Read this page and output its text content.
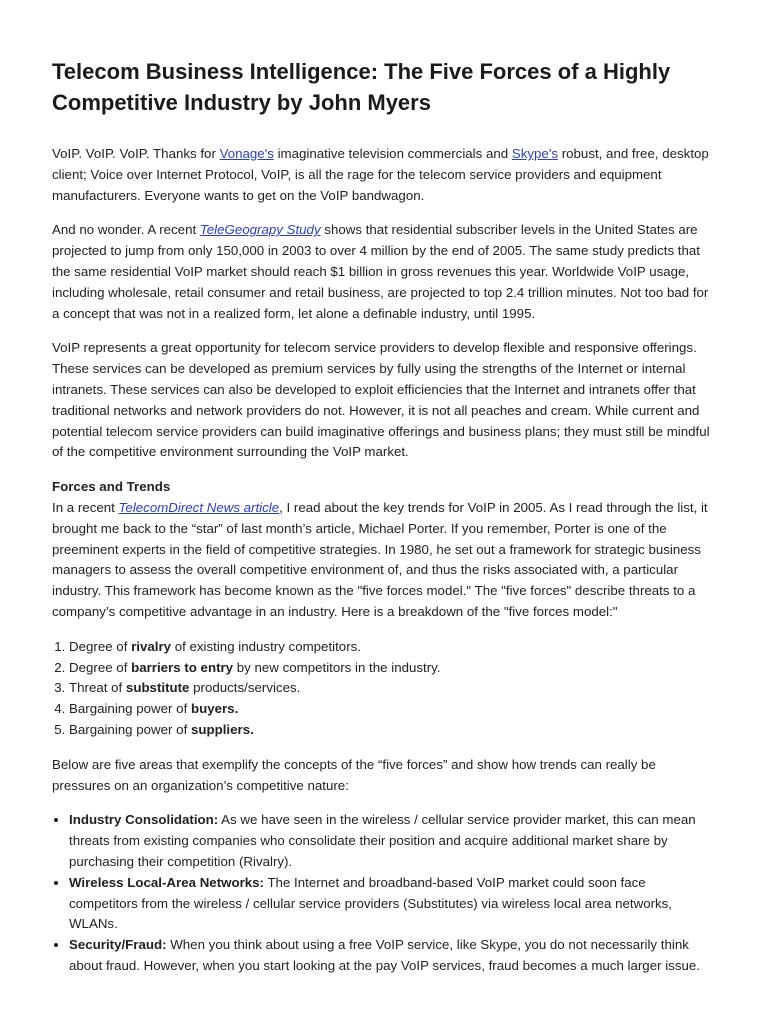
Telecom Business Intelligence: The Five Forces of a Highly Competitive Industry by John Myers

VoIP. VoIP. VoIP. Thanks for Vonage's imaginative television commercials and Skype's robust, and free, desktop client; Voice over Internet Protocol, VoIP, is all the rage for the telecom service providers and equipment manufacturers. Everyone wants to get on the VoIP bandwagon.

And no wonder. A recent TeleGeograpy Study shows that residential subscriber levels in the United States are projected to jump from only 150,000 in 2003 to over 4 million by the end of 2005. The same study predicts that the same residential VoIP market should reach $1 billion in gross revenues this year. Worldwide VoIP usage, including wholesale, retail consumer and retail business, are projected to top 2.4 trillion minutes. Not too bad for a concept that was not in a realized form, let alone a definable industry, until 1995.

VoIP represents a great opportunity for telecom service providers to develop flexible and responsive offerings. These services can be developed as premium services by fully using the strengths of the Internet or internal intranets. These services can also be developed to exploit efficiencies that the Internet and intranets offer that traditional networks and network providers do not. However, it is not all peaches and cream. While current and potential telecom service providers can build imaginative offerings and business plans; they must still be mindful of the competitive environment surrounding the VoIP market.

Forces and Trends

In a recent TelecomDirect News article, I read about the key trends for VoIP in 2005. As I read through the list, it brought me back to the “star” of last month’s article, Michael Porter. If you remember, Porter is one of the preeminent experts in the field of competitive strategies. In 1980, he set out a framework for strategic business managers to assess the overall competitive environment of, and thus the risks associated with, a particular industry. This framework has become known as the "five forces model." The "five forces" describe threats to a company’s competitive advantage in an industry. Here is a breakdown of the "five forces model:"

1. Degree of rivalry of existing industry competitors.
2. Degree of barriers to entry by new competitors in the industry.
3. Threat of substitute products/services.
4. Bargaining power of buyers.
5. Bargaining power of suppliers.

Below are five areas that exemplify the concepts of the “five forces” and show how trends can really be pressures on an organization’s competitive nature:

• Industry Consolidation: As we have seen in the wireless / cellular service provider market, this can mean threats from existing companies who consolidate their position and acquire additional market share by purchasing their competition (Rivalry).
• Wireless Local-Area Networks: The Internet and broadband-based VoIP market could soon face competitors from the wireless / cellular service providers (Substitutes) via wireless local area networks, WLANs.
• Security/Fraud: When you think about using a free VoIP service, like Skype, you do not necessarily think about fraud. However, when you start looking at the pay VoIP services, fraud becomes a much larger issue.
